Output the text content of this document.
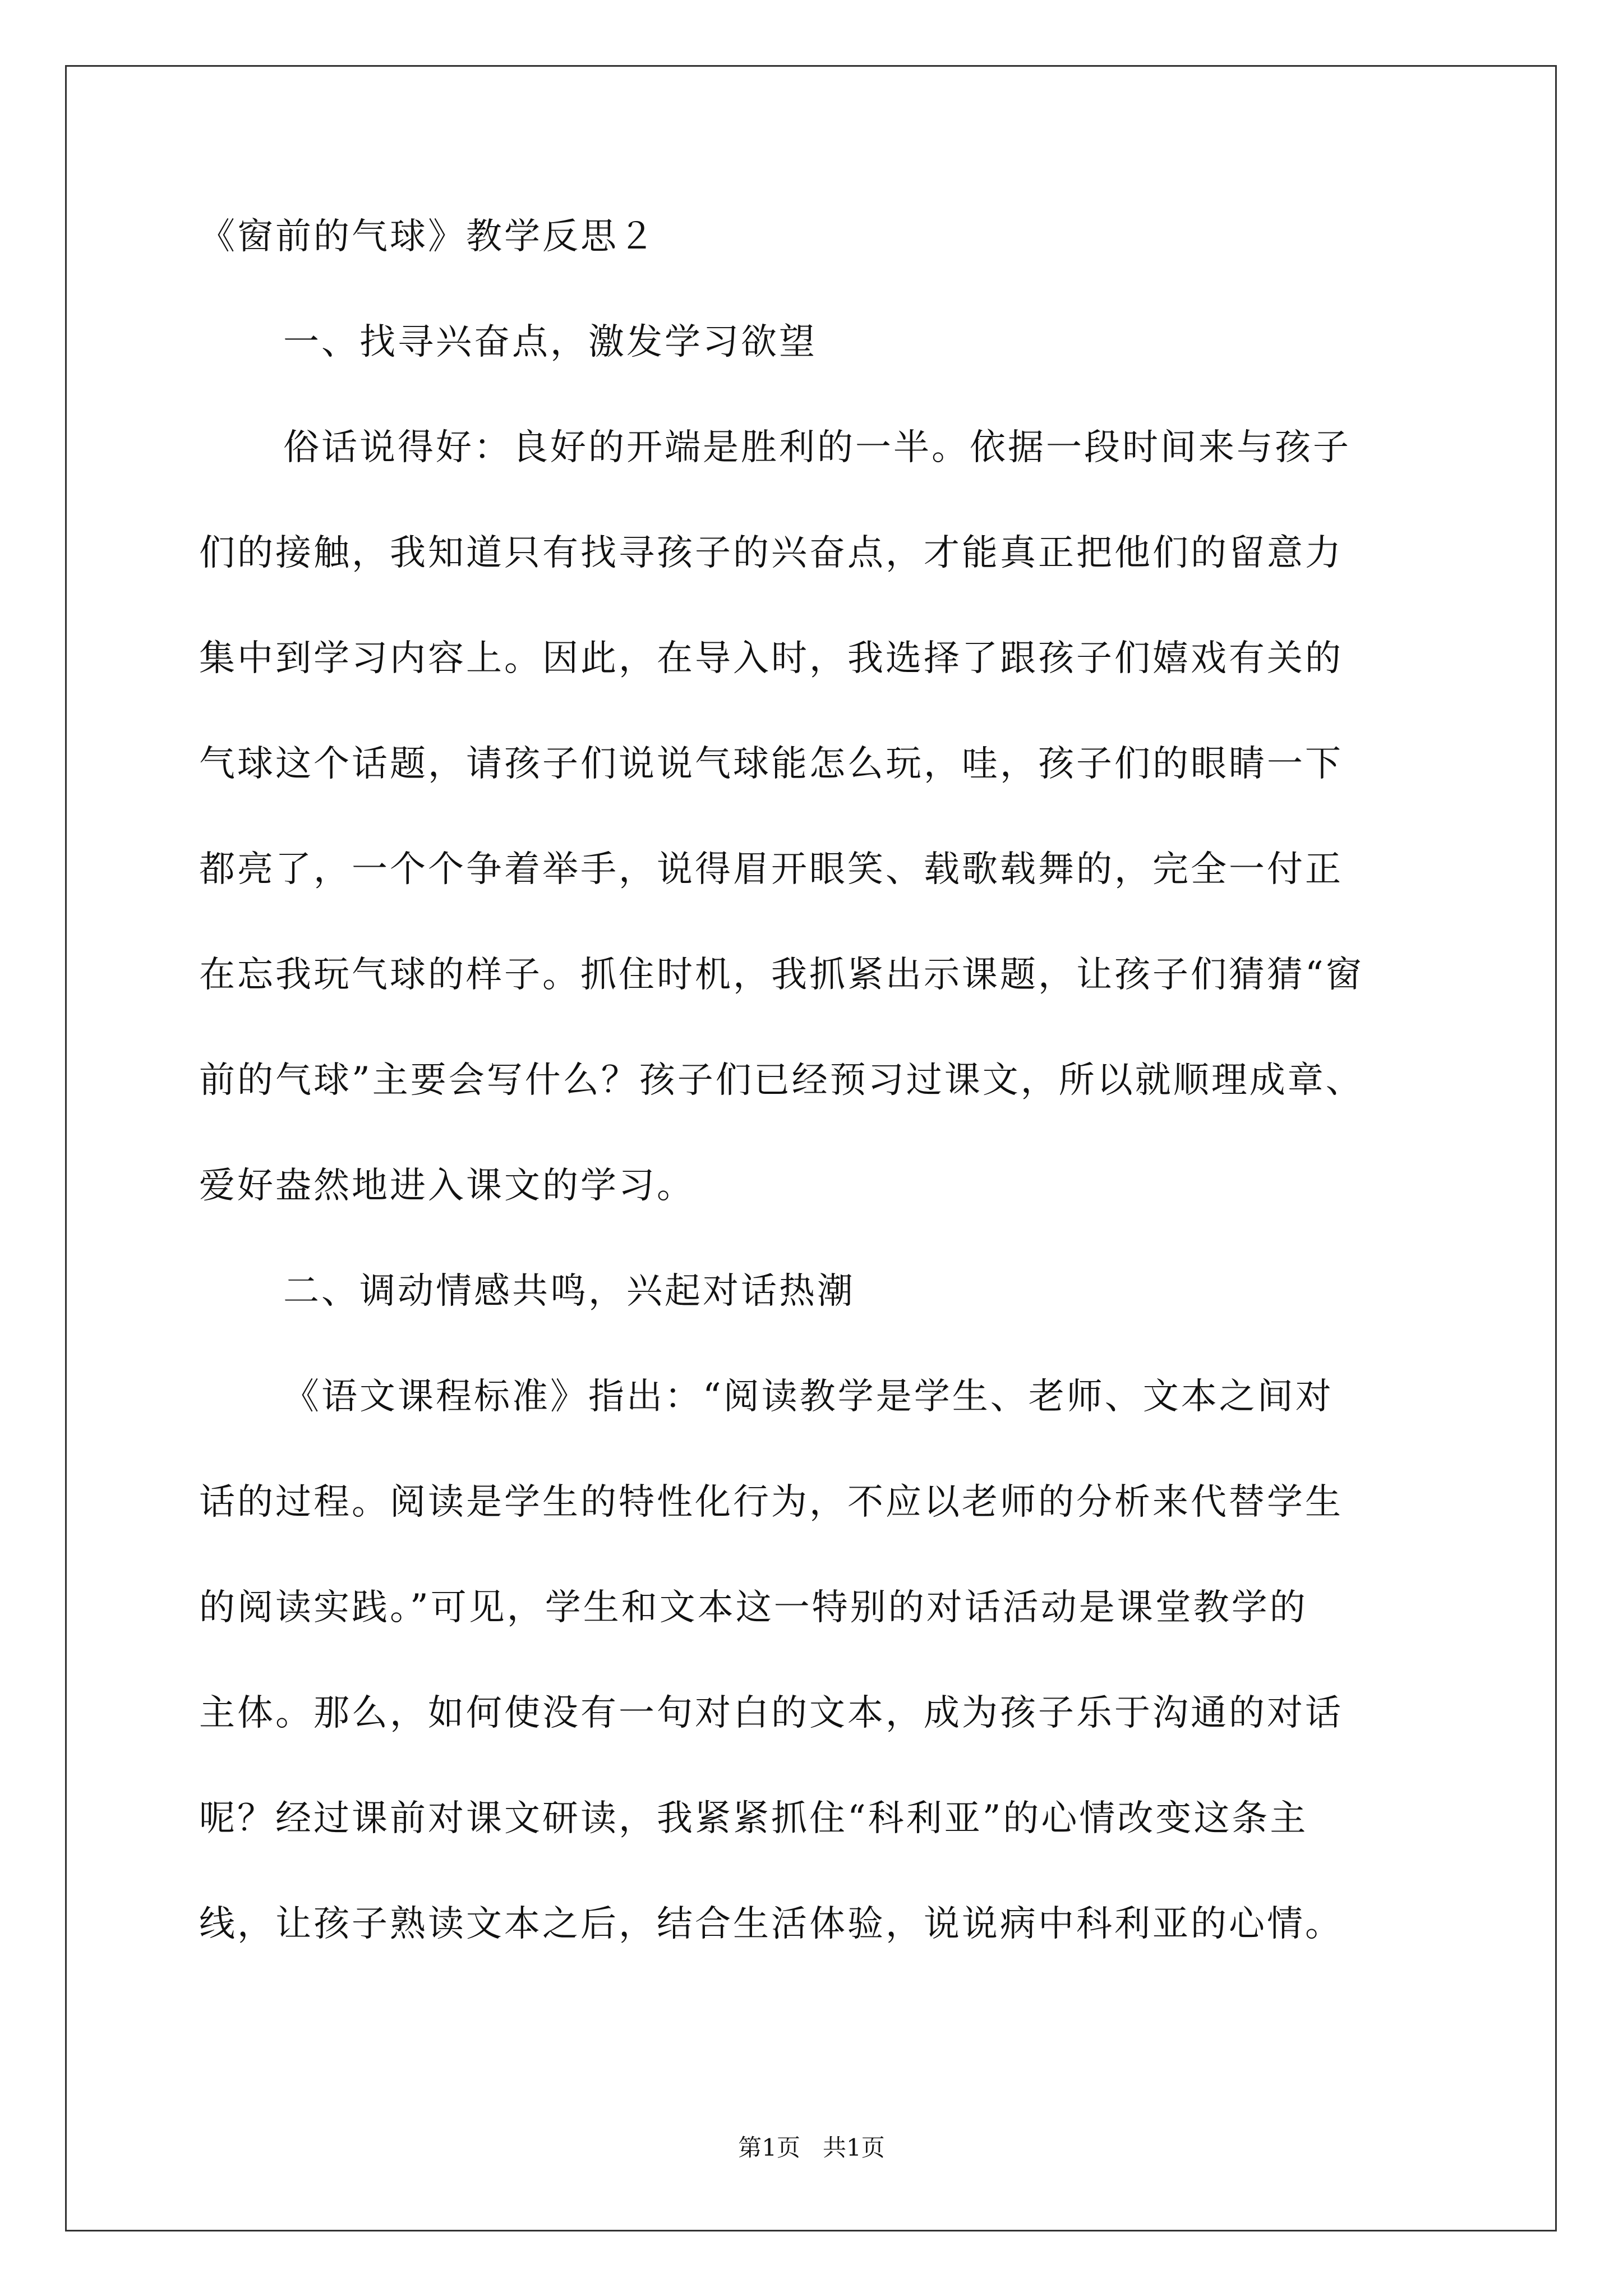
《窗前的气球》教学反思２
一、找寻兴奋点，激发学习欲望
俗话说得好：良好的开端是胜利的一半。依据一段时间来与孩子
们的接触，我知道只有找寻孩子的兴奋点，才能真正把他们的留意力
集中到学习内容上。因此，在导入时，我选择了跟孩子们嬉戏有关的
气球这个话题，请孩子们说说气球能怎么玩，哇，孩子们的眼睛一下
都亮了，一个个争着举手，说得眉开眼笑、载歌载舞的，完全一付正
在忘我玩气球的样子。抓住时机，我抓紧出示课题，让孩子们猜猜“窗
前的气球”主要会写什么？孩子们已经预习过课文，所以就顺理成章、
爱好盎然地进入课文的学习。
二、调动情感共鸣，兴起对话热潮
《语文课程标准》指出：“阅读教学是学生、老师、文本之间对
话的过程。阅读是学生的特性化行为，不应以老师的分析来代替学生
的阅读实践。”可见，学生和文本这一特别的对话活动是课堂教学的
主体。那么，如何使没有一句对白的文本，成为孩子乐于沟通的对话
呢？经过课前对课文研读，我紧紧抓住“科利亚”的心情改变这条主
线，让孩子熟读文本之后，结合生活体验，说说病中科利亚的心情。
第1页   共1页
